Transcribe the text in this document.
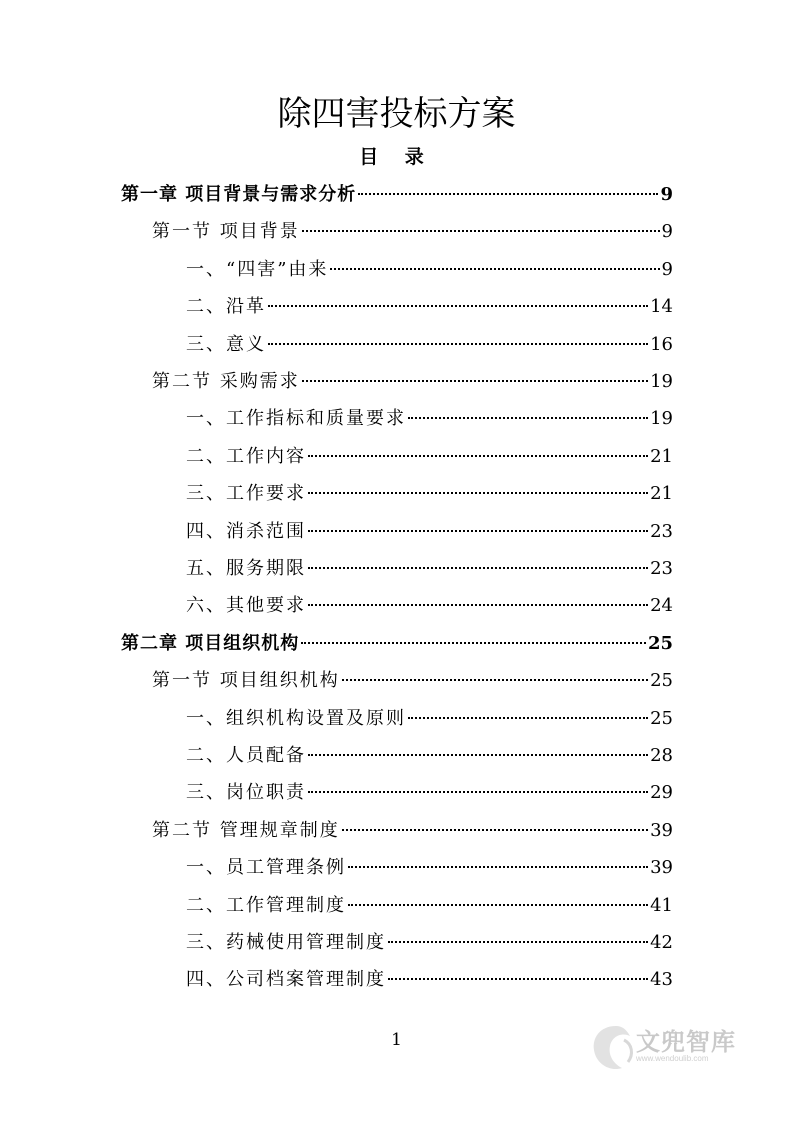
除四害投标方案
目 录
第一章 项目背景与需求分析	9
第一节 项目背景	9
一、“四害”由来	9
二、沿革	14
三、意义	16
第二节 采购需求	19
一、工作指标和质量要求	19
二、工作内容	21
三、工作要求	21
四、消杀范围	23
五、服务期限	23
六、其他要求	24
第二章 项目组织机构	25
第一节 项目组织机构	25
一、组织机构设置及原则	25
二、人员配备	28
三、岗位职责	29
第二节 管理规章制度	39
一、员工管理条例	39
二、工作管理制度	41
三、药械使用管理制度	42
四、公司档案管理制度	43
1	文兜智库
www.wendoulib.com
